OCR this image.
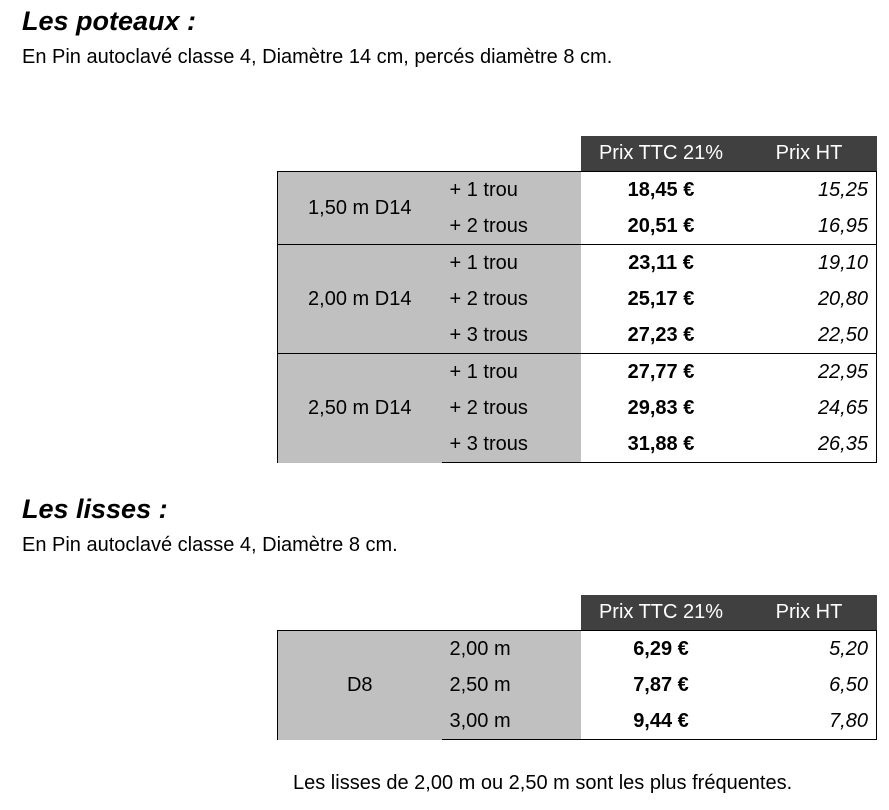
Les poteaux :

En Pin autoclavé classe 4, Diamètre 14 cm, percés diamètre 8 cm.

		Prix TTC 21%	Prix HT
1,50 m D14	+ 1 trou	18,45 €	15,25
	+ 2 trous	20,51 €	16,95
2,00 m D14	+ 1 trou	23,11 €	19,10
	+ 2 trous	25,17 €	20,80
	+ 3 trous	27,23 €	22,50
2,50 m D14	+ 1 trou	27,77 €	22,95
	+ 2 trous	29,83 €	24,65
	+ 3 trous	31,88 €	26,35
Les lisses :

En Pin autoclavé classe 4, Diamètre 8 cm.

		Prix TTC 21%	Prix HT
D8	2,00 m	6,29 €	5,20
	2,50 m	7,87 €	6,50
	3,00 m	9,44 €	7,80

Les lisses de 2,00 m ou 2,50 m sont les plus fréquentes.
